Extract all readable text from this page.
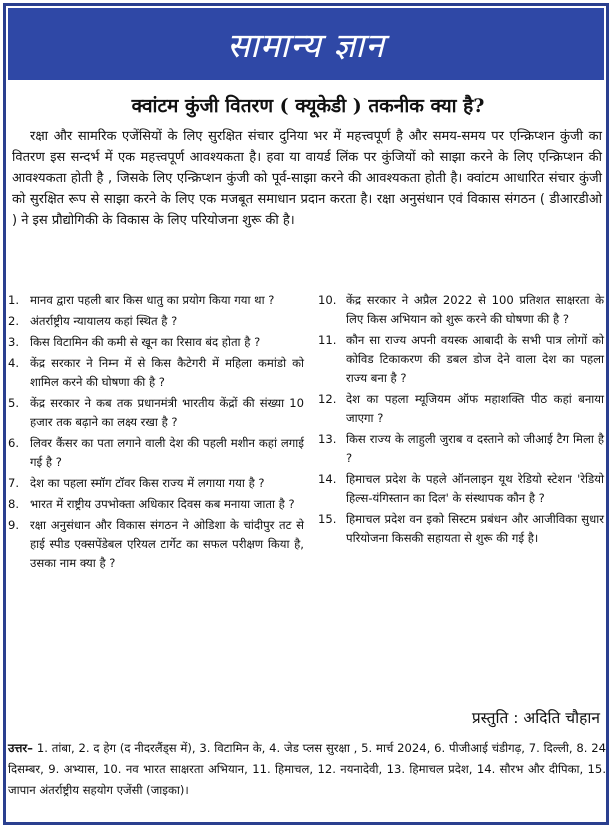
सामान्य ज्ञान
क्वांटम कुंजी वितरण ( क्यूकेडी ) तकनीक क्या है?
रक्षा और सामरिक एजेंसियों के लिए सुरक्षित संचार दुनिया भर में महत्त्वपूर्ण है और समय-समय पर एन्क्रिप्शन कुंजी का वितरण इस सन्दर्भ में एक महत्त्वपूर्ण आवश्यकता है। हवा या वायर्ड लिंक पर कुंजियों को साझा करने के लिए एन्क्रिप्शन की आवश्यकता होती है , जिसके लिए एन्क्रिप्शन कुंजी को पूर्व-साझा करने की आवश्यकता होती है। क्वांटम आधारित संचार कुंजी को सुरक्षित रूप से साझा करने के लिए एक मजबूत समाधान प्रदान करता है। रक्षा अनुसंधान एवं विकास संगठन ( डीआरडीओ ) ने इस प्रौद्योगिकी के विकास के लिए परियोजना शुरू की है।
1. मानव द्वारा पहली बार किस धातु का प्रयोग किया गया था ?
2. अंतर्राष्ट्रीय न्यायालय कहां स्थित है ?
3. किस विटामिन की कमी से खून का रिसाव बंद होता है ?
4. केंद्र सरकार ने निम्न में से किस कैटेगरी में महिला कमांडो को शामिल करने की घोषणा की है ?
5. केंद्र सरकार ने कब तक प्रधानमंत्री भारतीय केंद्रों की संख्या 10 हजार तक बढ़ाने का लक्ष्य रखा है ?
6. लिवर कैंसर का पता लगाने वाली देश की पहली मशीन कहां लगाई गई है ?
7. देश का पहला स्मॉग टॉवर किस राज्य में लगाया गया है ?
8. भारत में राष्ट्रीय उपभोक्ता अधिकार दिवस कब मनाया जाता है ?
9. रक्षा अनुसंधान और विकास संगठन ने ओडिशा के चांदीपुर तट से हाई स्पीड एक्सपेंडेबल एरियल टार्गेट का सफल परीक्षण किया है, उसका नाम क्या है ?
10. केंद्र सरकार ने अप्रैल 2022 से 100 प्रतिशत साक्षरता के लिए किस अभियान को शुरू करने की घोषणा की है ?
11. कौन सा राज्य अपनी वयस्क आबादी के सभी पात्र लोगों को कोविड टिकाकरण की डबल डोज देने वाला देश का पहला राज्य बना है ?
12. देश का पहला म्यूजियम ऑफ महाशक्ति पीठ कहां बनाया जाएगा ?
13. किस राज्य के लाहुली जुराब व दस्ताने को जीआई टैग मिला है ?
14. हिमाचल प्रदेश के पहले ऑनलाइन यूथ रेडियो स्टेशन 'रेडियो हिल्स-यंगिस्तान का दिल' के संस्थापक कौन है ?
15. हिमाचल प्रदेश वन इको सिस्टम प्रबंधन और आजीविका सुधार परियोजना किसकी सहायता से शुरू की गई है।
प्रस्तुति : अदिति चौहान
उत्तर– 1. तांबा, 2. द हेग (द नीदरलैंड्स में), 3. विटामिन के, 4. जेड प्लस सुरक्षा , 5. मार्च 2024, 6. पीजीआई चंडीगढ़, 7. दिल्ली, 8. 24 दिसम्बर, 9. अभ्यास, 10. नव भारत साक्षरता अभियान, 11. हिमाचल, 12. नयनादेवी, 13. हिमाचल प्रदेश, 14. सौरभ और दीपिका, 15. जापान अंतर्राष्ट्रीय सहयोग एजेंसी (जाइका)।
